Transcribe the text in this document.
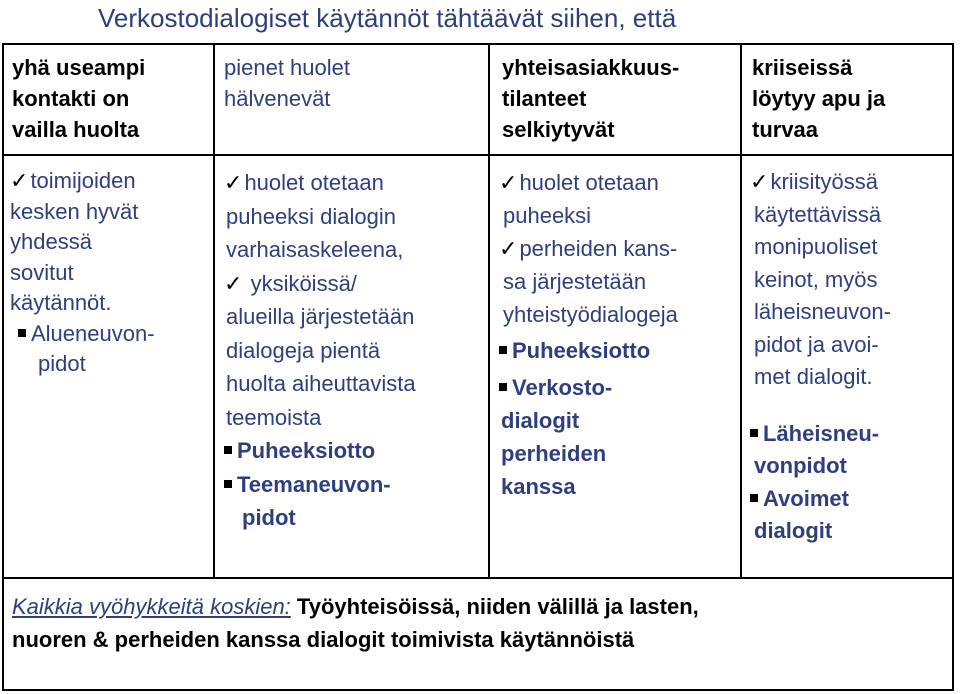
Verkostodialogiset käytännöt tähtäävät siihen, että
yhä useampi
kontakti on
vailla huolta
✓toimijoiden
kesken hyvät
yhdessä
sovitut
käytännöt.
Alueneuvon-
pidot
pienet huolet
hälvenevät
✓huolet otetaan
puheeksi dialogin
varhaisaskeleena,
✓ yksiköissä/
alueilla järjestetään
dialogeja pientä
huolta aiheuttavista
teemoista
Puheeksiotto
Teemaneuvon-
pidot
yhteisasiakkuus-
tilanteet
selkiytyvät
✓huolet otetaan
puheeksi
✓perheiden kans-
sa järjestetään
yhteistyödialogeja
Puheeksiotto
Verkosto-
dialogit
perheiden
kanssa
kriiseissä
löytyy apu ja
turvaa
✓kriisityössä
käytettävissä
monipuoliset
keinot, myös
läheisneuvon-
pidot ja avoi-
met dialogit.
Läheisneu-
vonpidot
Avoimet
dialogit
Kaikkia vyöhykkeitä koskien: Työyhteisöissä, niiden välillä ja lasten,
nuoren & perheiden kanssa dialogit toimivista käytännöistä
